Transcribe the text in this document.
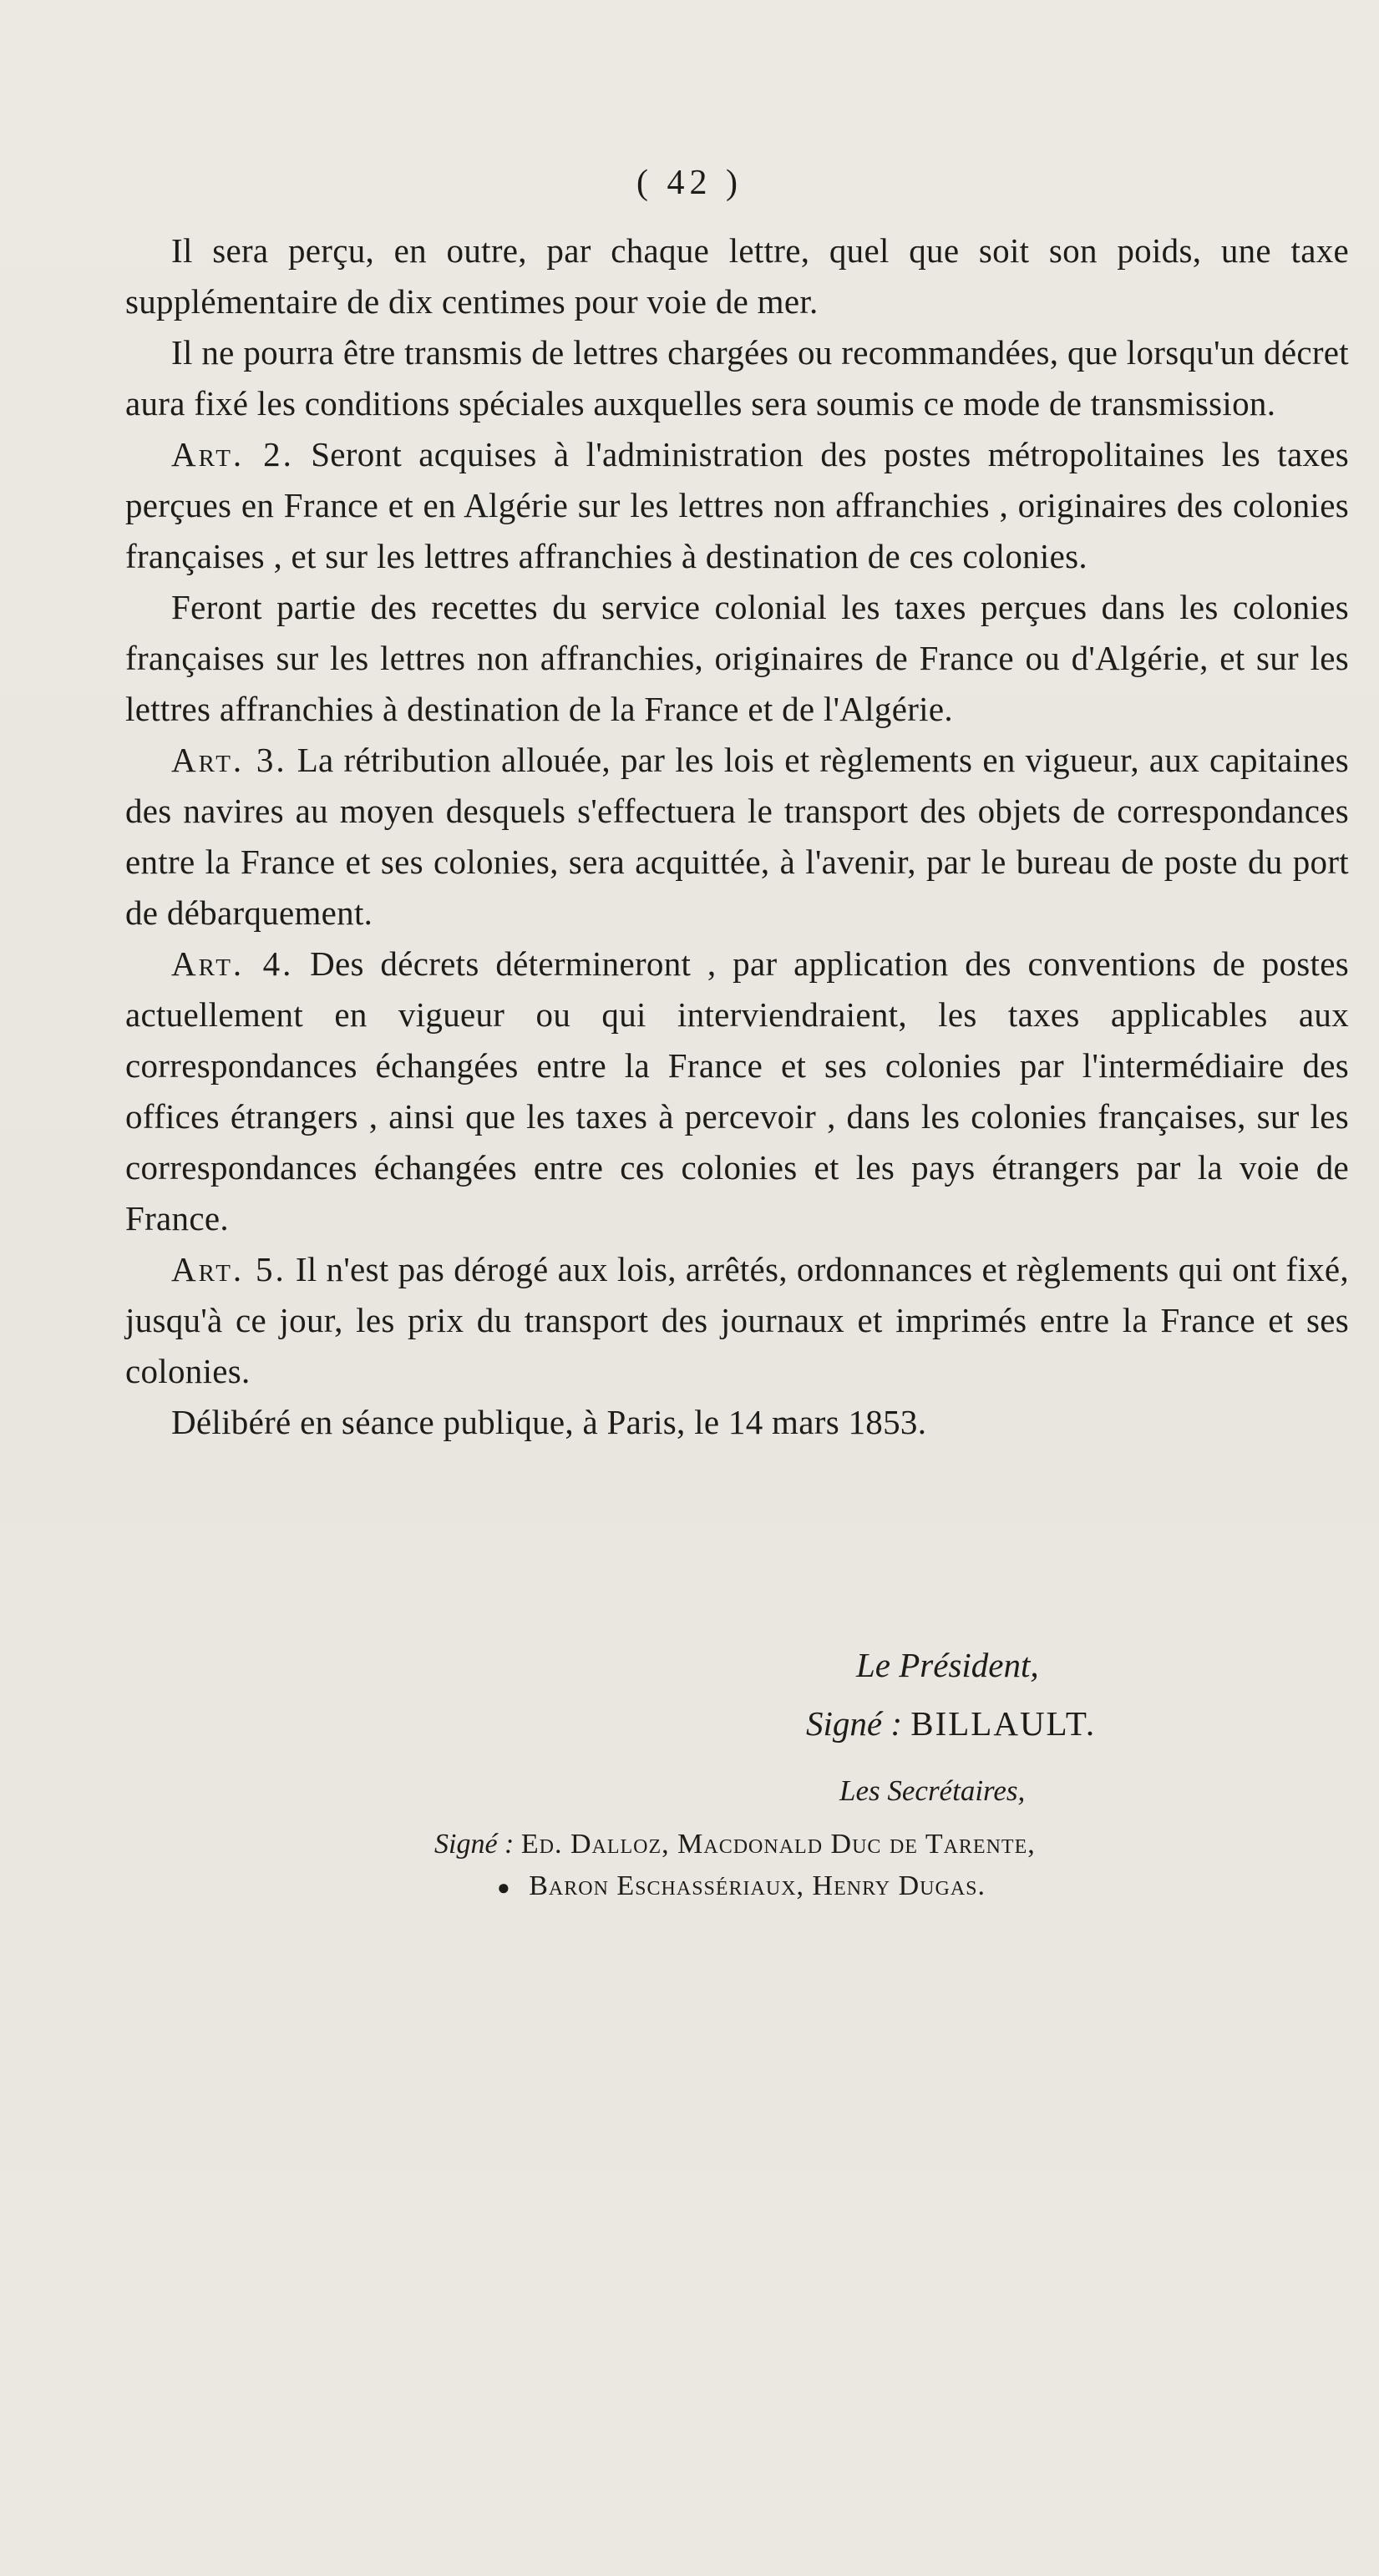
( 42 )

Il sera perçu, en outre, par chaque lettre, quel que soit son poids, une taxe supplémentaire de dix centimes pour voie de mer.

Il ne pourra être transmis de lettres chargées ou recommandées, que lorsqu'un décret aura fixé les conditions spéciales auxquelles sera soumis ce mode de transmission.

Art. 2. Seront acquises à l'administration des postes métropolitaines les taxes perçues en France et en Algérie sur les lettres non affranchies , originaires des colonies françaises , et sur les lettres affranchies à destination de ces colonies.

Feront partie des recettes du service colonial les taxes perçues dans les colonies françaises sur les lettres non affranchies, originaires de France ou d'Algérie, et sur les lettres affranchies à destination de la France et de l'Algérie.

Art. 3. La rétribution allouée, par les lois et règlements en vigueur, aux capitaines des navires au moyen desquels s'effectuera le transport des objets de correspondances entre la France et ses colonies, sera acquittée, à l'avenir, par le bureau de poste du port de débarquement.

Art. 4. Des décrets détermineront , par application des conventions de postes actuellement en vigueur ou qui interviendraient, les taxes applicables aux correspondances échangées entre la France et ses colonies par l'intermédiaire des offices étrangers , ainsi que les taxes à percevoir , dans les colonies françaises, sur les correspondances échangées entre ces colonies et les pays étrangers par la voie de France.

Art. 5. Il n'est pas dérogé aux lois, arrêtés, ordonnances et règlements qui ont fixé, jusqu'à ce jour, les prix du transport des journaux et imprimés entre la France et ses colonies.

Délibéré en séance publique, à Paris, le 14 mars 1853.

Le Président,
Signé : BILLAULT.
Les Secrétaires,
Signé : Ed. Dalloz, Macdonald Duc de Tarente,
● Baron Eschassériaux, Henry Dugas.
